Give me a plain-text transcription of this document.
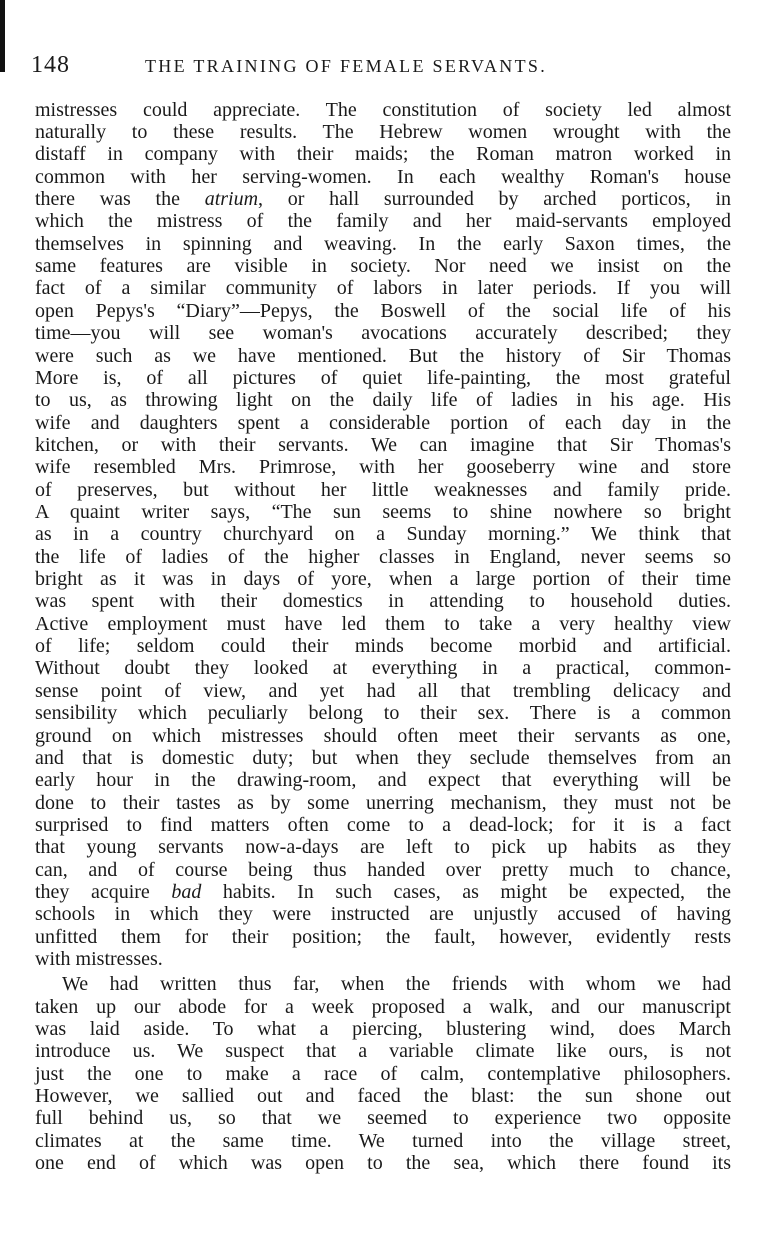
148	THE TRAINING OF FEMALE SERVANTS.
mistresses could appreciate. The constitution of society led almost
naturally to these results. The Hebrew women wrought with the
distaff in company with their maids; the Roman matron worked in
common with her serving-women. In each wealthy Roman's house
there was the atrium, or hall surrounded by arched porticos, in
which the mistress of the family and her maid-servants employed
themselves in spinning and weaving. In the early Saxon times, the
same features are visible in society. Nor need we insist on the
fact of a similar community of labors in later periods. If you will
open Pepys's “Diary”—Pepys, the Boswell of the social life of his
time—you will see woman's avocations accurately described; they
were such as we have mentioned. But the history of Sir Thomas
More is, of all pictures of quiet life-painting, the most grateful
to us, as throwing light on the daily life of ladies in his age. His
wife and daughters spent a considerable portion of each day in the
kitchen, or with their servants. We can imagine that Sir Thomas's
wife resembled Mrs. Primrose, with her gooseberry wine and store
of preserves, but without her little weaknesses and family pride.
A quaint writer says, “The sun seems to shine nowhere so bright
as in a country churchyard on a Sunday morning.” We think that
the life of ladies of the higher classes in England, never seems so
bright as it was in days of yore, when a large portion of their time
was spent with their domestics in attending to household duties.
Active employment must have led them to take a very healthy view
of life; seldom could their minds become morbid and artificial.
Without doubt they looked at everything in a practical, common-
sense point of view, and yet had all that trembling delicacy and
sensibility which peculiarly belong to their sex. There is a common
ground on which mistresses should often meet their servants as one,
and that is domestic duty; but when they seclude themselves from an
early hour in the drawing-room, and expect that everything will be
done to their tastes as by some unerring mechanism, they must not be
surprised to find matters often come to a dead-lock; for it is a fact
that young servants now-a-days are left to pick up habits as they
can, and of course being thus handed over pretty much to chance,
they acquire bad habits. In such cases, as might be expected, the
schools in which they were instructed are unjustly accused of having
unfitted them for their position; the fault, however, evidently rests
with mistresses.
We had written thus far, when the friends with whom we had
taken up our abode for a week proposed a walk, and our manuscript
was laid aside. To what a piercing, blustering wind, does March
introduce us. We suspect that a variable climate like ours, is not
just the one to make a race of calm, contemplative philosophers.
However, we sallied out and faced the blast: the sun shone out
full behind us, so that we seemed to experience two opposite
climates at the same time. We turned into the village street,
one end of which was open to the sea, which there found its
